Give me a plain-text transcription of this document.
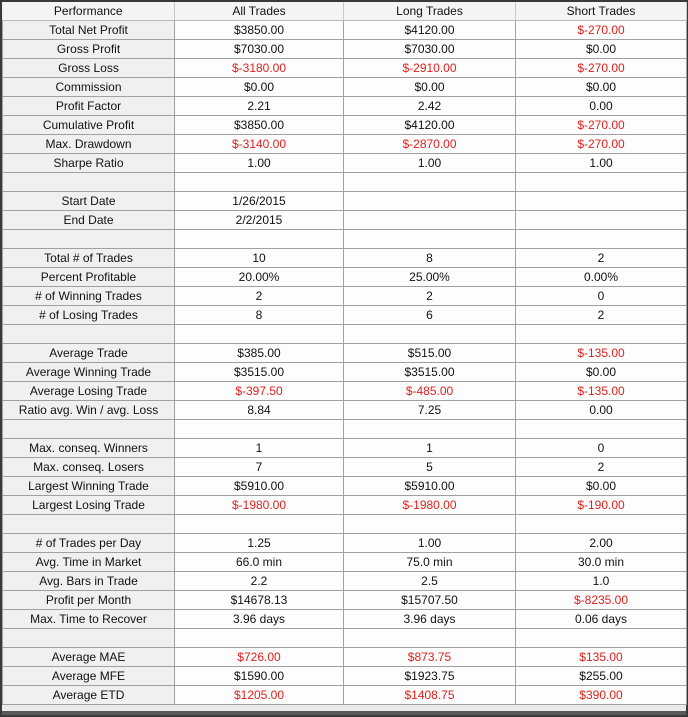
Performance	All Trades	Long Trades	Short Trades
Total Net Profit	$3850.00	$4120.00	$-270.00
Gross Profit	$7030.00	$7030.00	$0.00
Gross Loss	$-3180.00	$-2910.00	$-270.00
Commission	$0.00	$0.00	$0.00
Profit Factor	2.21	2.42	0.00
Cumulative Profit	$3850.00	$4120.00	$-270.00
Max. Drawdown	$-3140.00	$-2870.00	$-270.00
Sharpe Ratio	1.00	1.00	1.00

Start Date	1/26/2015		
End Date	2/2/2015		

Total # of Trades	10	8	2
Percent Profitable	20.00%	25.00%	0.00%
# of Winning Trades	2	2	0
# of Losing Trades	8	6	2

Average Trade	$385.00	$515.00	$-135.00
Average Winning Trade	$3515.00	$3515.00	$0.00
Average Losing Trade	$-397.50	$-485.00	$-135.00
Ratio avg. Win / avg. Loss	8.84	7.25	0.00

Max. conseq. Winners	1	1	0
Max. conseq. Losers	7	5	2
Largest Winning Trade	$5910.00	$5910.00	$0.00
Largest Losing Trade	$-1980.00	$-1980.00	$-190.00

# of Trades per Day	1.25	1.00	2.00
Avg. Time in Market	66.0 min	75.0 min	30.0 min
Avg. Bars in Trade	2.2	2.5	1.0
Profit per Month	$14678.13	$15707.50	$-8235.00
Max. Time to Recover	3.96 days	3.96 days	0.06 days

Average MAE	$726.00	$873.75	$135.00
Average MFE	$1590.00	$1923.75	$255.00
Average ETD	$1205.00	$1408.75	$390.00
